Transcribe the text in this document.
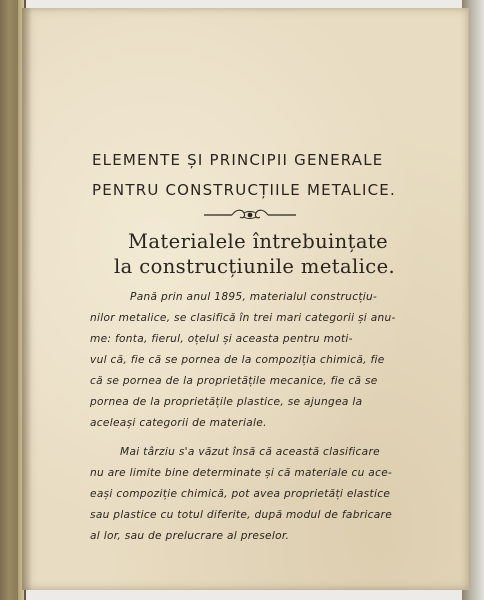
ELEMENTE ȘI PRINCIPII GENERALE
PENTRU CONSTRUCȚIILE METALICE.
Materialele întrebuințate
la construcțiunile metalice.
Pană prin anul 1895, materialul construcțiu-
nilor metalice, se clasifică în trei mari categorii și anu-
me: fonta, fierul, oțelul și aceasta pentru moti-
vul că, fie că se pornea de la compoziția chimică, fie
că se pornea de la proprietățile mecanice, fie că se
pornea de la proprietățile plastice, se ajungea la
aceleași categorii de materiale.
Mai târziu s'a văzut însă că această clasificare
nu are limite bine determinate și că materiale cu ace-
eași compoziție chimică, pot avea proprietăți elastice
sau plastice cu totul diferite, după modul de fabricare
al lor, sau de prelucrare al preselor.
